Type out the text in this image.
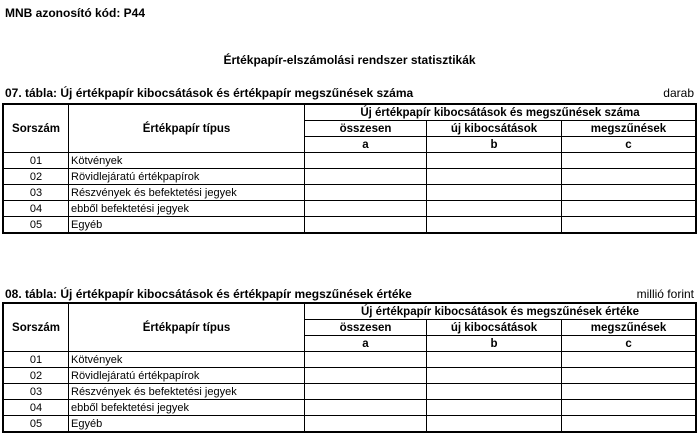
MNB azonosító kód: P44
Értékpapír-elszámolási rendszer statisztikák
07. tábla: Új értékpapír kibocsátások és értékpapír megszűnések száma	darab
Sorszám	Értékpapír típus	Új értékpapír kibocsátások és megszűnések száma		
		összesen	új kibocsátások	megszűnések
		a	b	c
01	Kötvények			
02	Rövidlejáratú értékpapírok			
03	Részvények és befektetési jegyek			
04	ebből befektetési jegyek			
05	Egyéb			
08. tábla: Új értékpapír kibocsátások és értékpapír megszűnések értéke	millió forint
Sorszám	Értékpapír típus	Új értékpapír kibocsátások és megszűnések értéke		
		összesen	új kibocsátások	megszűnések
		a	b	c
01	Kötvények			
02	Rövidlejáratú értékpapírok			
03	Részvények és befektetési jegyek			
04	ebből befektetési jegyek			
05	Egyéb			
